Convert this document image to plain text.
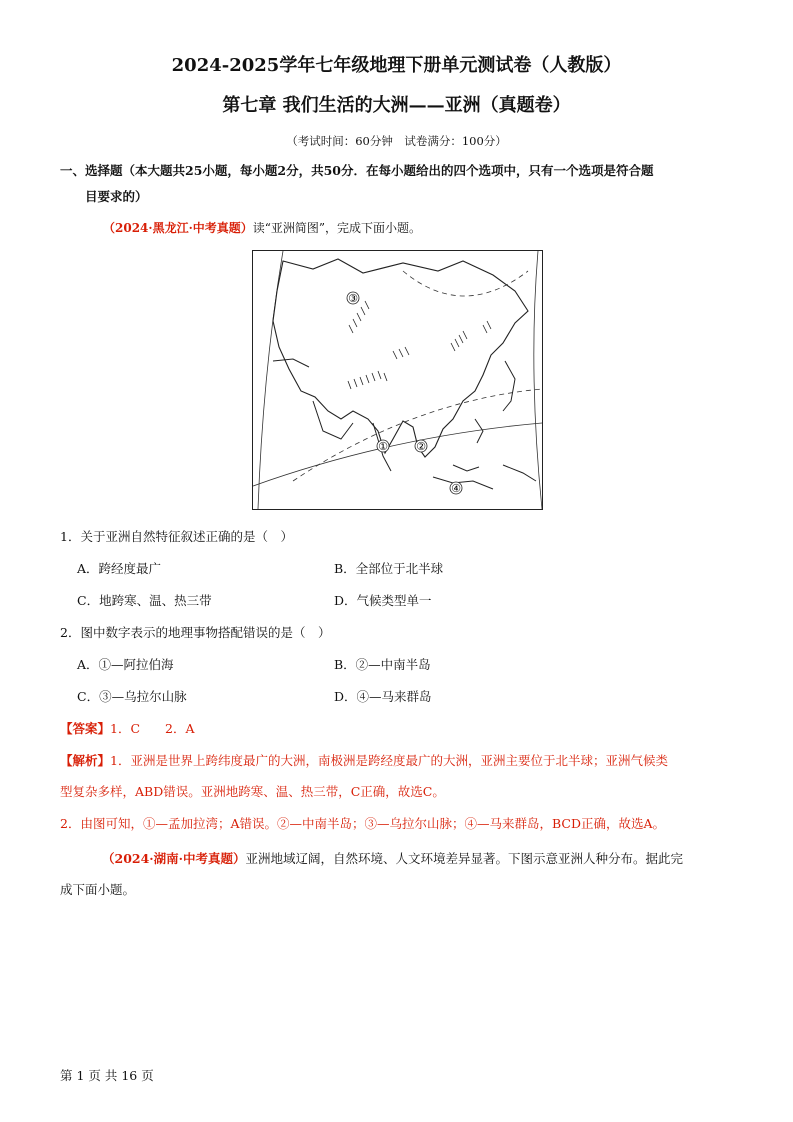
2024-2025学年七年级地理下册单元测试卷（人教版）
第七章 我们生活的大洲——亚洲（真题卷）
（考试时间：60分钟　试卷满分：100分）
一、选择题（本大题共25小题，每小题2分，共50分．在每小题给出的四个选项中，只有一个选项是符合题
目要求的）
（2024·黑龙江·中考真题）读“亚洲简图”，完成下面小题。
③
①	②
④
1．关于亚洲自然特征叙述正确的是（　）
A．跨经度最广	B．全部位于北半球
C．地跨寒、温、热三带	D．气候类型单一
2．图中数字表示的地理事物搭配错误的是（　）
A．①—阿拉伯海	B．②—中南半岛
C．③—乌拉尔山脉	D．④—马来群岛
【答案】1．C　　2．A
【解析】1．亚洲是世界上跨纬度最广的大洲，南极洲是跨经度最广的大洲，亚洲主要位于北半球；亚洲气候类
型复杂多样，ABD错误。亚洲地跨寒、温、热三带，C正确，故选C。
2．由图可知，①—孟加拉湾；A错误。②—中南半岛；③—乌拉尔山脉；④—马来群岛，BCD正确，故选A。
（2024·湖南·中考真题）亚洲地域辽阔，自然环境、人文环境差异显著。下图示意亚洲人种分布。据此完
成下面小题。
第 1 页 共 16 页
